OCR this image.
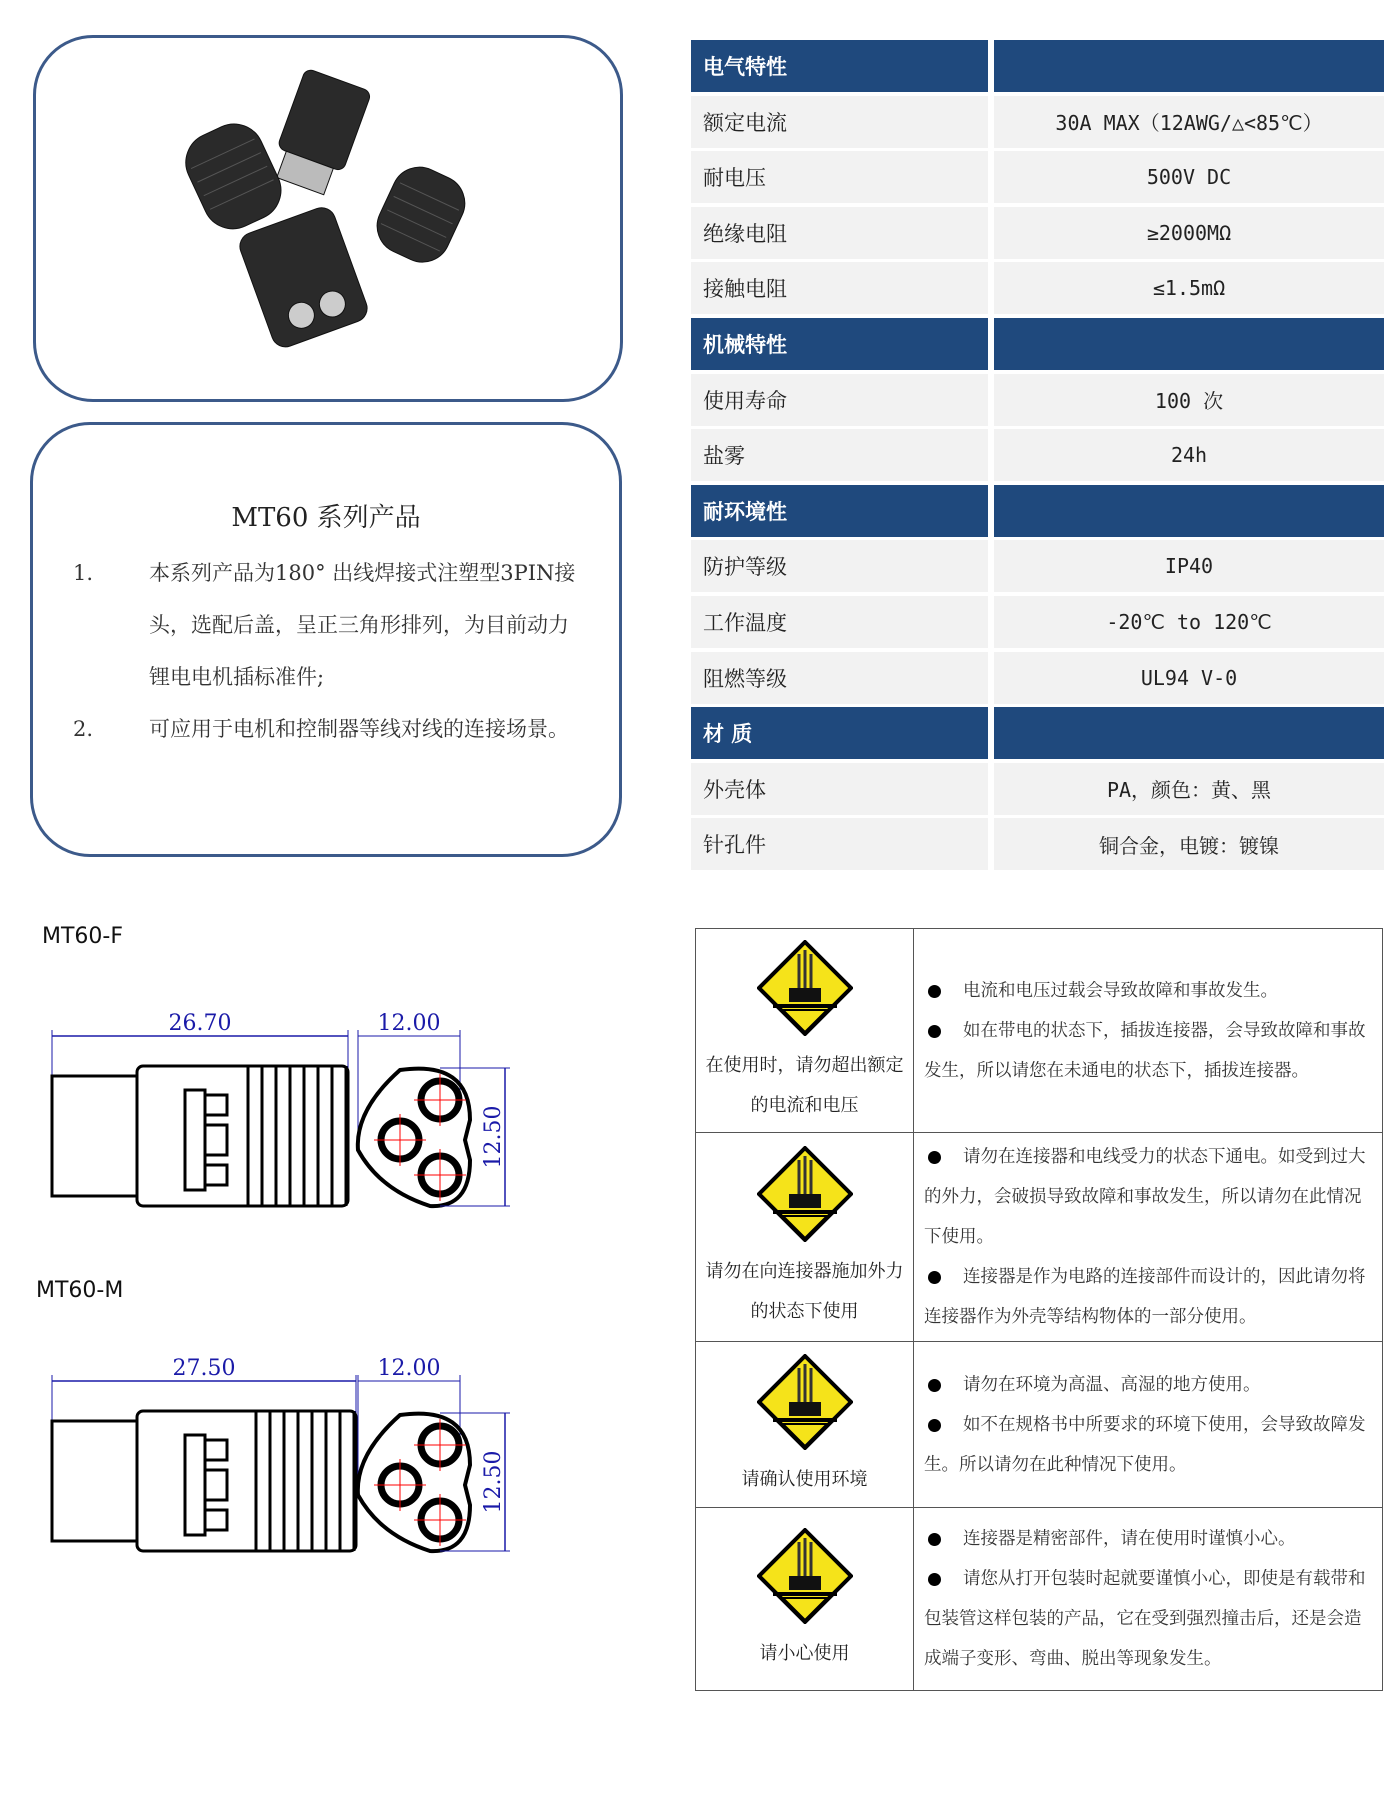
MT60 系列产品
1.	本系列产品为180° 出线焊接式注塑型3PIN接头，选配后盖，呈正三角形排列，为目前动力锂电电机插标准件;
2.	可应用于电机和控制器等线对线的连接场景。
电气特性
额定电流	30A MAX（12AWG/△<85℃）
耐电压	500V DC
绝缘电阻	≥2000MΩ
接触电阻	≤1.5mΩ
机械特性
使用寿命	100 次
盐雾	24h
耐环境性
防护等级	IP40
工作温度	-20℃ to 120℃
阻燃等级	UL94 V-0
材 质
外壳体	PA，颜色：黄、黑
针孔件	铜合金，电镀：镀镍
MT60-F
26.70	12.00
12.50
MT60-M
27.50	12.00
12.50
在使用时，请勿超出额定的电流和电压	电流和电压过载会导致故障和事故发生。
如在带电的状态下，插拔连接器，会导致故障和事故发生，所以请您在未通电的状态下，插拔连接器。

请勿在向连接器施加外力的状态下使用	请勿在连接器和电线受力的状态下通电。如受到过大的外力，会破损导致故障和事故发生，所以请勿在此情况下使用。
连接器是作为电路的连接部件而设计的，因此请勿将连接器作为外壳等结构物体的一部分使用。

请确认使用环境	请勿在环境为高温、高湿的地方使用。
如不在规格书中所要求的环境下使用，会导致故障发生。所以请勿在此种情况下使用。

请小心使用	连接器是精密部件，请在使用时谨慎小心。
请您从打开包装时起就要谨慎小心，即使是有载带和包装管这样包装的产品，它在受到强烈撞击后，还是会造成端子变形、弯曲、脱出等现象发生。
